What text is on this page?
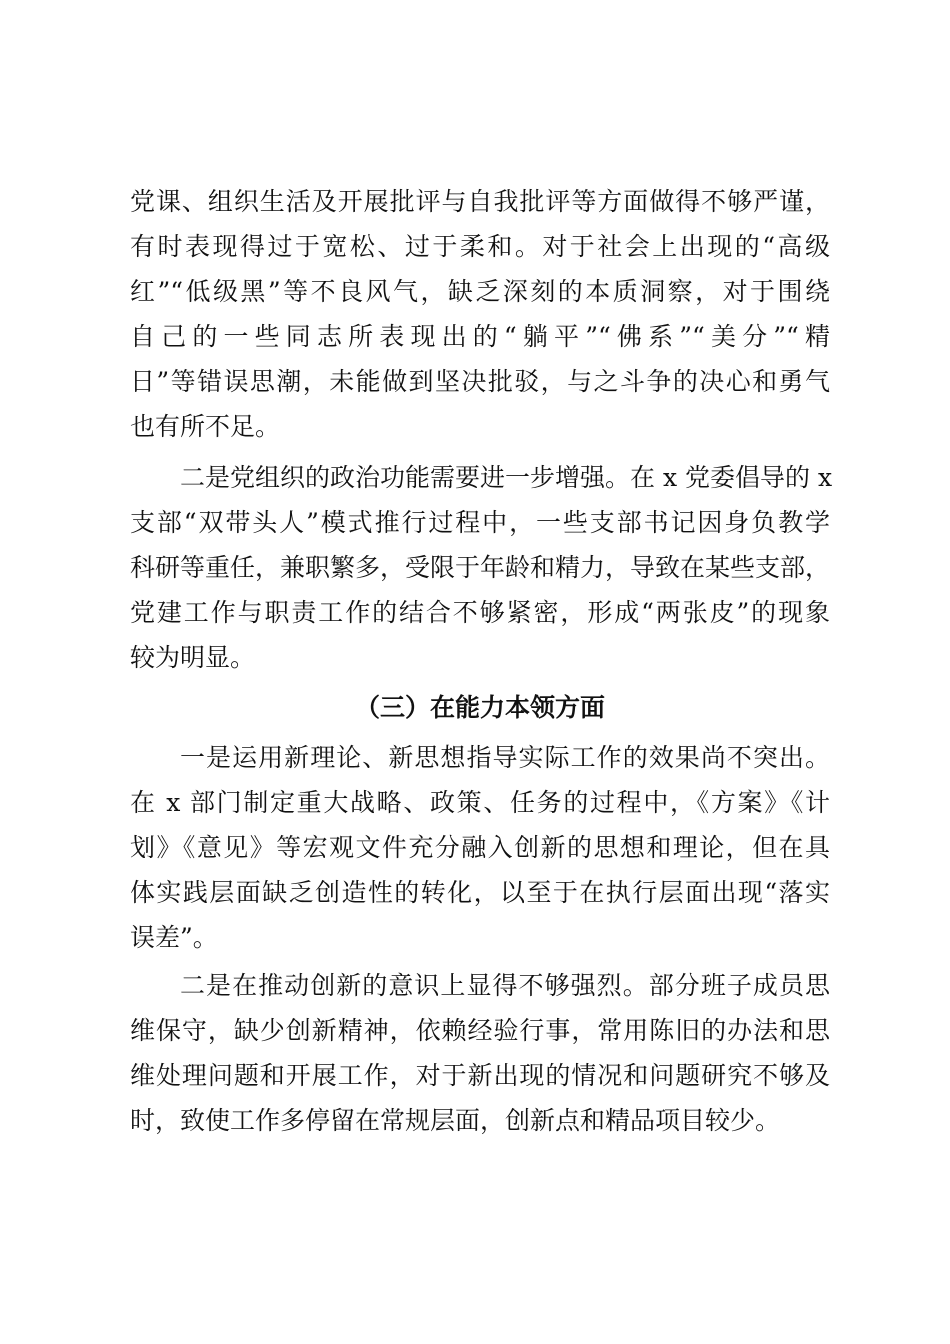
党课、组织生活及开展批评与自我批评等方面做得不够严谨，
有时表现得过于宽松、过于柔和。对于社会上出现的“高级
红”“低级黑”等不良风气，缺乏深刻的本质洞察，对于围绕
自己的一些同志所表现出的“躺平”“佛系”“美分”“精
日”等错误思潮，未能做到坚决批驳，与之斗争的决心和勇气
也有所不足。
二是党组织的政治功能需要进一步增强。在 x 党委倡导的 x
支部“双带头人”模式推行过程中，一些支部书记因身负教学
科研等重任，兼职繁多，受限于年龄和精力，导致在某些支部，
党建工作与职责工作的结合不够紧密，形成“两张皮”的现象
较为明显。
（三）在能力本领方面
一是运用新理论、新思想指导实际工作的效果尚不突出。
在 x 部门制定重大战略、政策、任务的过程中，《方案》《计
划》《意见》等宏观文件充分融入创新的思想和理论，但在具
体实践层面缺乏创造性的转化，以至于在执行层面出现“落实
误差”。
二是在推动创新的意识上显得不够强烈。部分班子成员思
维保守，缺少创新精神，依赖经验行事，常用陈旧的办法和思
维处理问题和开展工作，对于新出现的情况和问题研究不够及
时，致使工作多停留在常规层面，创新点和精品项目较少。
